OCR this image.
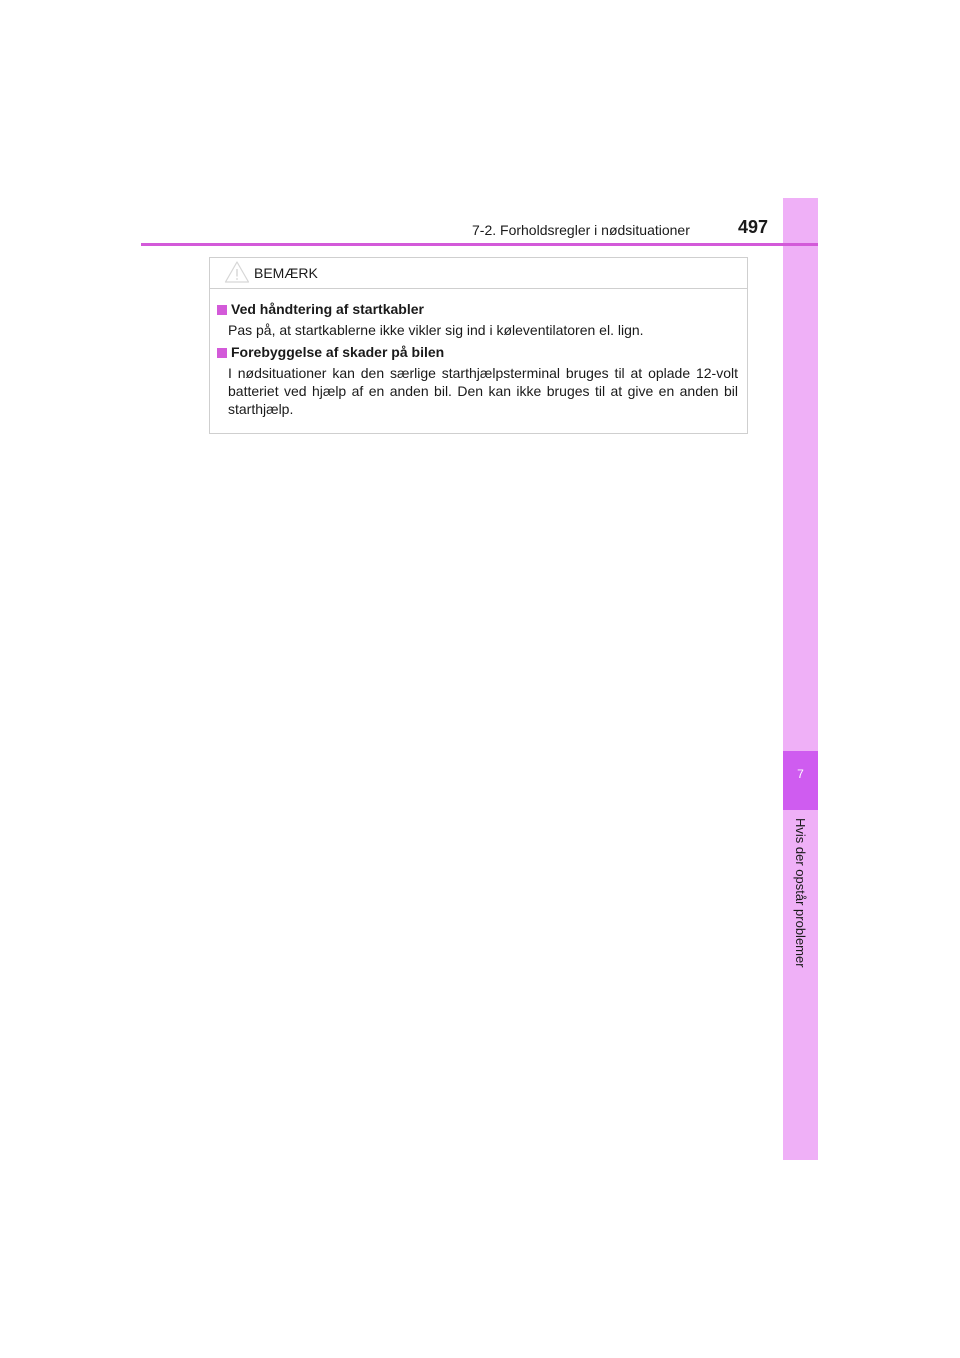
7
Hvis der opstår problemer
7-2. Forholdsregler i nødsituationer	497
BEMÆRK
Ved håndtering af startkabler
Pas på, at startkablerne ikke vikler sig ind i køleventilatoren el. lign.
Forebyggelse af skader på bilen
I nødsituationer kan den særlige starthjælpsterminal bruges til at oplade 12-volt batteriet ved hjælp af en anden bil. Den kan ikke bruges til at give en anden bil starthjælp.
